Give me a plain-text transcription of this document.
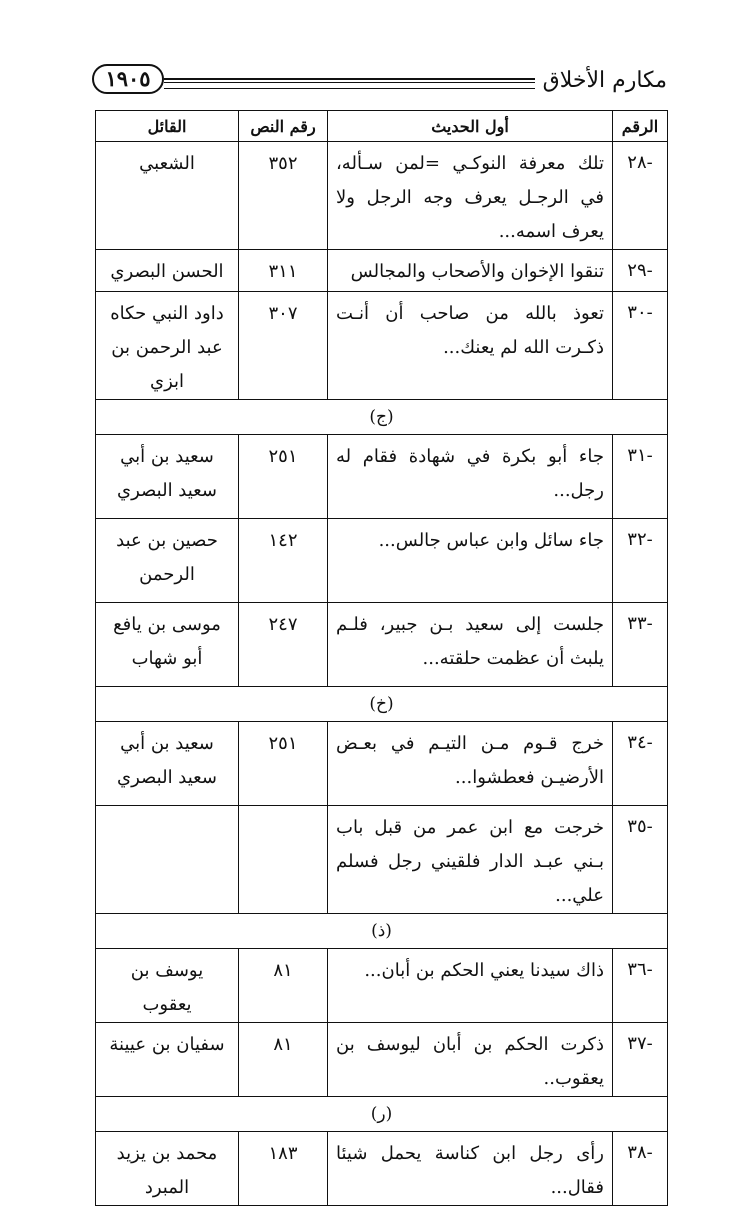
مكارم الأخلاق
١٩٠٥
الرقم	أول الحديث	رقم النص	القائل
-٢٨	تلك معرفة النوكـي =لمن سـأله، في الرجـل يعرف وجه الرجل ولا يعرف اسمه...	٣٥٢	الشعبي
-٢٩	تنقوا الإخوان والأصحاب والمجالس	٣١١	الحسن البصري
-٣٠	تعوذ بالله من صاحب أن أنـت ذكـرت الله لم يعنك...	٣٠٧	داود النبي حكاه عبد الرحمن بن ابزي
(ج)			
-٣١	جاء أبو بكرة في شهادة فقام له رجل...	٢٥١	سعيد بن أبي سعيد البصري
-٣٢	جاء سائل وابن عباس جالس...	١٤٢	حصين بن عبد الرحمن
-٣٣	جلست إلى سعيد بـن جبير، فلـم يلبث أن عظمت حلقته...	٢٤٧	موسى بن يافع أبو شهاب
(خ)			
-٣٤	خرج قـوم مـن التيـم في بعـض الأرضيـن فعطشوا...	٢٥١	سعيد بن أبي سعيد البصري
-٣٥	خرجت مع ابن عمر من قبل باب بـني عبـد الدار فلقيني رجل فسلم علي...		
(ذ)			
-٣٦	ذاك سيدنا يعني الحكم بن أبان...	٨١	يوسف بن يعقوب
-٣٧	ذكرت الحكم بن أبان ليوسف بن يعقوب..	٨١	سفيان بن عيينة
(ر)			
-٣٨	رأى رجل ابن كناسة يحمل شيئا فقال...	١٨٣	محمد بن يزيد المبرد
